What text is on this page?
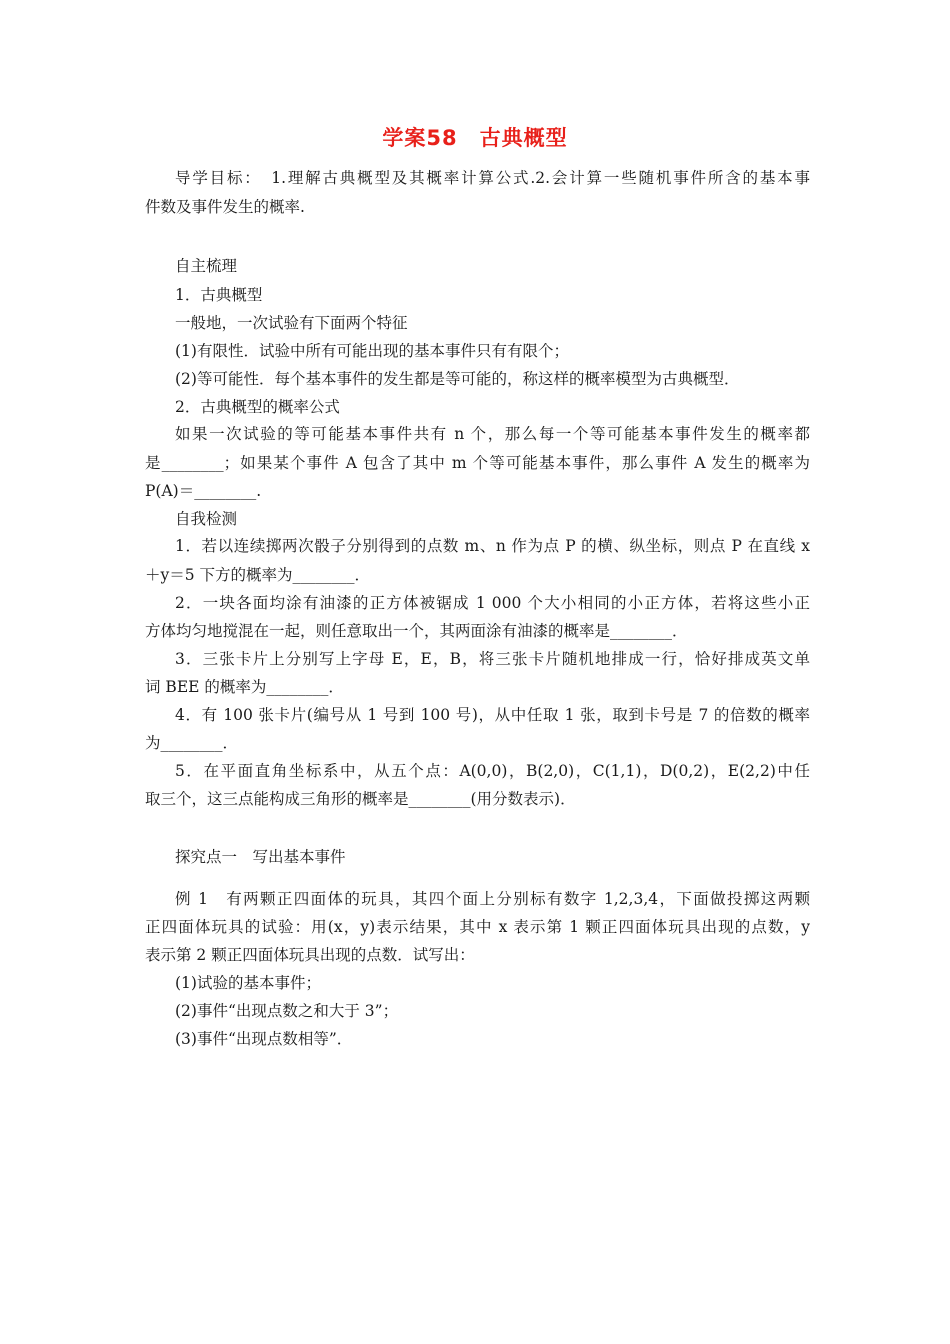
学案58　古典概型
导学目标：　1.理解古典概型及其概率计算公式.2.会计算一些随机事件所含的基本事
件数及事件发生的概率.
自主梳理
1．古典概型
一般地，一次试验有下面两个特征
(1)有限性．试验中所有可能出现的基本事件只有有限个；
(2)等可能性．每个基本事件的发生都是等可能的，称这样的概率模型为古典概型．
2．古典概型的概率公式
如果一次试验的等可能基本事件共有 n 个，那么每一个等可能基本事件发生的概率都
是________；如果某个事件 A 包含了其中 m 个等可能基本事件，那么事件 A 发生的概率为
P(A)＝________.
自我检测
1．若以连续掷两次骰子分别得到的点数 m、n 作为点 P 的横、纵坐标，则点 P 在直线 x
＋y＝5 下方的概率为________．
2．一块各面均涂有油漆的正方体被锯成 1 000 个大小相同的小正方体，若将这些小正
方体均匀地搅混在一起，则任意取出一个，其两面涂有油漆的概率是________．
3．三张卡片上分别写上字母 E，E，B，将三张卡片随机地排成一行，恰好排成英文单
词 BEE 的概率为________．
4．有 100 张卡片(编号从 1 号到 100 号)，从中任取 1 张，取到卡号是 7 的倍数的概率
为________．
5．在平面直角坐标系中，从五个点：A(0,0)，B(2,0)，C(1,1)，D(0,2)，E(2,2)中任
取三个，这三点能构成三角形的概率是________(用分数表示)．
探究点一　写出基本事件
例 1　有两颗正四面体的玩具，其四个面上分别标有数字 1,2,3,4，下面做投掷这两颗
正四面体玩具的试验：用(x，y)表示结果，其中 x 表示第 1 颗正四面体玩具出现的点数，y
表示第 2 颗正四面体玩具出现的点数．试写出：
(1)试验的基本事件；
(2)事件“出现点数之和大于 3”；
(3)事件“出现点数相等”．
